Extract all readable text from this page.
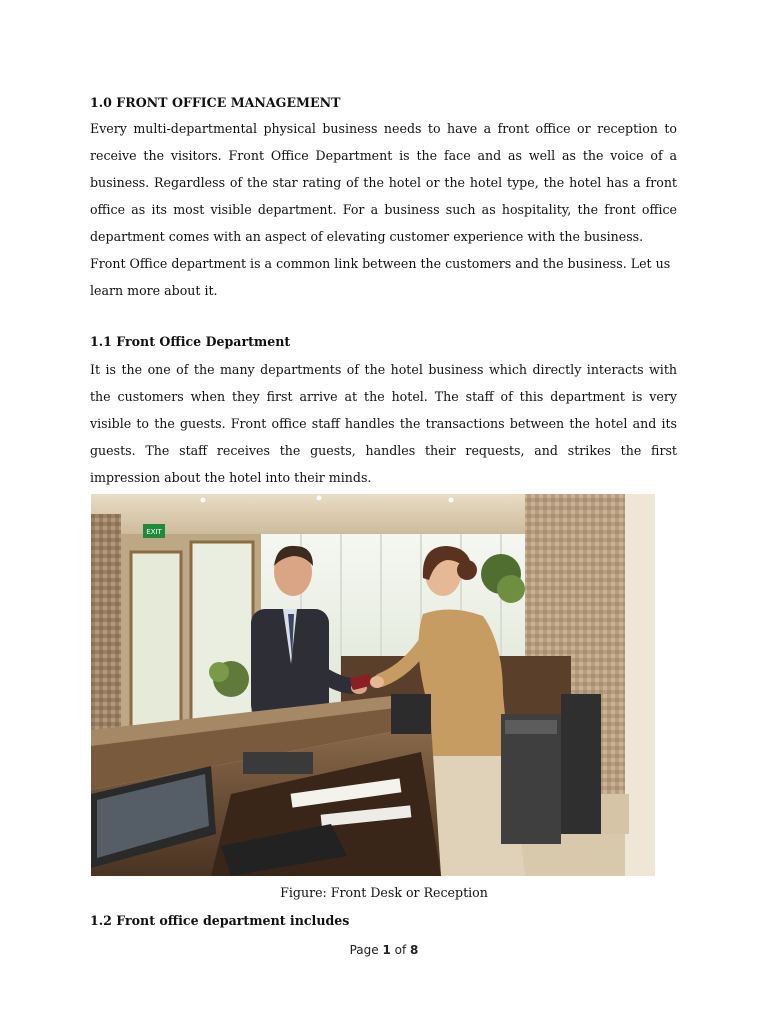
1.0 FRONT OFFICE MANAGEMENT

Every multi-departmental physical business needs to have a front office or reception to receive the visitors. Front Office Department is the face and as well as the voice of a business. Regardless of the star rating of the hotel or the hotel type, the hotel has a front office as its most visible department. For a business such as hospitality, the front office department comes with an aspect of elevating customer experience with the business.

Front Office department is a common link between the customers and the business. Let us learn more about it.

1.1 Front Office Department

It is the one of the many departments of the hotel business which directly interacts with the customers when they first arrive at the hotel. The staff of this department is very visible to the guests. Front office staff handles the transactions between the hotel and its guests. The staff receives the guests, handles their requests, and strikes the first impression about the hotel into their minds.

EXIT
Figure: Front Desk or Reception
1.2 Front office department includes
Page 1 of 8
